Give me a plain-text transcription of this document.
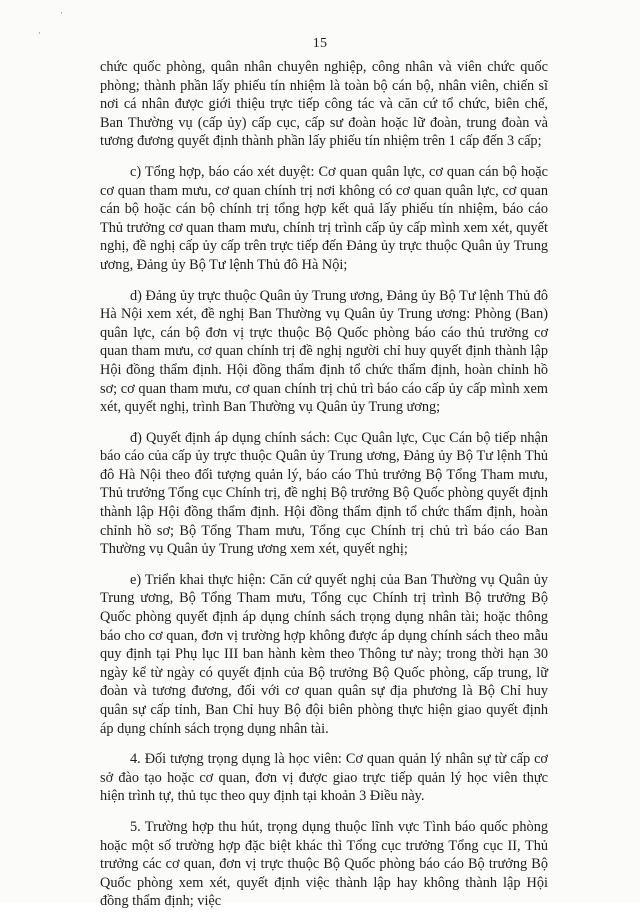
·
·
15

chức quốc phòng, quân nhân chuyên nghiệp, công nhân và viên chức quốc phòng; thành phần lấy phiếu tín nhiệm là toàn bộ cán bộ, nhân viên, chiến sĩ nơi cá nhân được giới thiệu trực tiếp công tác và căn cứ tổ chức, biên chế, Ban Thường vụ (cấp ủy) cấp cục, cấp sư đoàn hoặc lữ đoàn, trung đoàn và tương đương quyết định thành phần lấy phiếu tín nhiệm trên 1 cấp đến 3 cấp;

c) Tổng hợp, báo cáo xét duyệt: Cơ quan quân lực, cơ quan cán bộ hoặc cơ quan tham mưu, cơ quan chính trị nơi không có cơ quan quân lực, cơ quan cán bộ hoặc cán bộ chính trị tổng hợp kết quả lấy phiếu tín nhiệm, báo cáo Thủ trưởng cơ quan tham mưu, chính trị trình cấp ủy cấp mình xem xét, quyết nghị, đề nghị cấp ủy cấp trên trực tiếp đến Đảng ủy trực thuộc Quân ủy Trung ương, Đảng ủy Bộ Tư lệnh Thủ đô Hà Nội;

d) Đảng ủy trực thuộc Quân ủy Trung ương, Đảng ủy Bộ Tư lệnh Thủ đô Hà Nội xem xét, đề nghị Ban Thường vụ Quân ủy Trung ương: Phòng (Ban) quân lực, cán bộ đơn vị trực thuộc Bộ Quốc phòng báo cáo thủ trưởng cơ quan tham mưu, cơ quan chính trị đề nghị người chỉ huy quyết định thành lập Hội đồng thẩm định. Hội đồng thẩm định tổ chức thẩm định, hoàn chỉnh hồ sơ; cơ quan tham mưu, cơ quan chính trị chủ trì báo cáo cấp ủy cấp mình xem xét, quyết nghị, trình Ban Thường vụ Quân ủy Trung ương;

đ) Quyết định áp dụng chính sách: Cục Quân lực, Cục Cán bộ tiếp nhận báo cáo của cấp ủy trực thuộc Quân ủy Trung ương, Đảng ủy Bộ Tư lệnh Thủ đô Hà Nội theo đối tượng quản lý, báo cáo Thủ trưởng Bộ Tổng Tham mưu, Thủ trưởng Tổng cục Chính trị, đề nghị Bộ trưởng Bộ Quốc phòng quyết định thành lập Hội đồng thẩm định. Hội đồng thẩm định tổ chức thẩm định, hoàn chỉnh hồ sơ; Bộ Tổng Tham mưu, Tổng cục Chính trị chủ trì báo cáo Ban Thường vụ Quân ủy Trung ương xem xét, quyết nghị;

e) Triển khai thực hiện: Căn cứ quyết nghị của Ban Thường vụ Quân ủy Trung ương, Bộ Tổng Tham mưu, Tổng cục Chính trị trình Bộ trưởng Bộ Quốc phòng quyết định áp dụng chính sách trọng dụng nhân tài; hoặc thông báo cho cơ quan, đơn vị trường hợp không được áp dụng chính sách theo mẫu quy định tại Phụ lục III ban hành kèm theo Thông tư này; trong thời hạn 30 ngày kể từ ngày có quyết định của Bộ trưởng Bộ Quốc phòng, cấp trung, lữ đoàn và tương đương, đối với cơ quan quân sự địa phương là Bộ Chỉ huy quân sự cấp tỉnh, Ban Chỉ huy Bộ đội biên phòng thực hiện giao quyết định áp dụng chính sách trọng dụng nhân tài.

4. Đối tượng trọng dụng là học viên: Cơ quan quản lý nhân sự từ cấp cơ sở đào tạo hoặc cơ quan, đơn vị được giao trực tiếp quản lý học viên thực hiện trình tự, thủ tục theo quy định tại khoản 3 Điều này.

5. Trường hợp thu hút, trọng dụng thuộc lĩnh vực Tình báo quốc phòng hoặc một số trường hợp đặc biệt khác thì Tổng cục trưởng Tổng cục II, Thủ trưởng các cơ quan, đơn vị trực thuộc Bộ Quốc phòng báo cáo Bộ trưởng Bộ Quốc phòng xem xét, quyết định việc thành lập hay không thành lập Hội đồng thẩm định; việc
